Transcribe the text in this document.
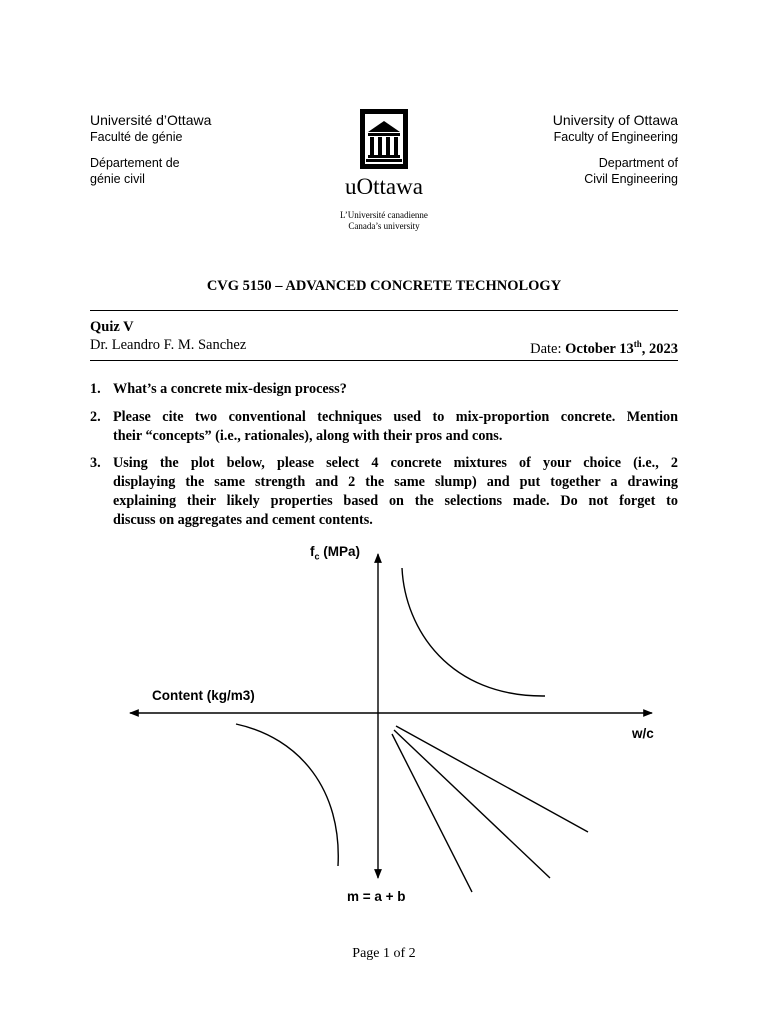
Université d’Ottawa
Faculté de génie
Département de
génie civil
University of Ottawa
Faculty of Engineering
Department of
Civil Engineering
uOttawa
L’Université canadienne
Canada’s university
CVG 5150 – ADVANCED CONCRETE TECHNOLOGY
Quiz V
Dr. Leandro F. M. Sanchez	Date: October 13th, 2023
1. What’s a concrete mix-design process?
2. Please cite two conventional techniques used to mix-proportion concrete. Mention
their “concepts” (i.e., rationales), along with their pros and cons.
3. Using the plot below, please select 4 concrete mixtures of your choice (i.e., 2
displaying the same strength and 2 the same slump) and put together a drawing
explaining their likely properties based on the selections made. Do not forget to
discuss on aggregates and cement contents.
$f_c$ (MPa)
Content (kg/m3)
w/c
m = a + b
Page 1 of 2
